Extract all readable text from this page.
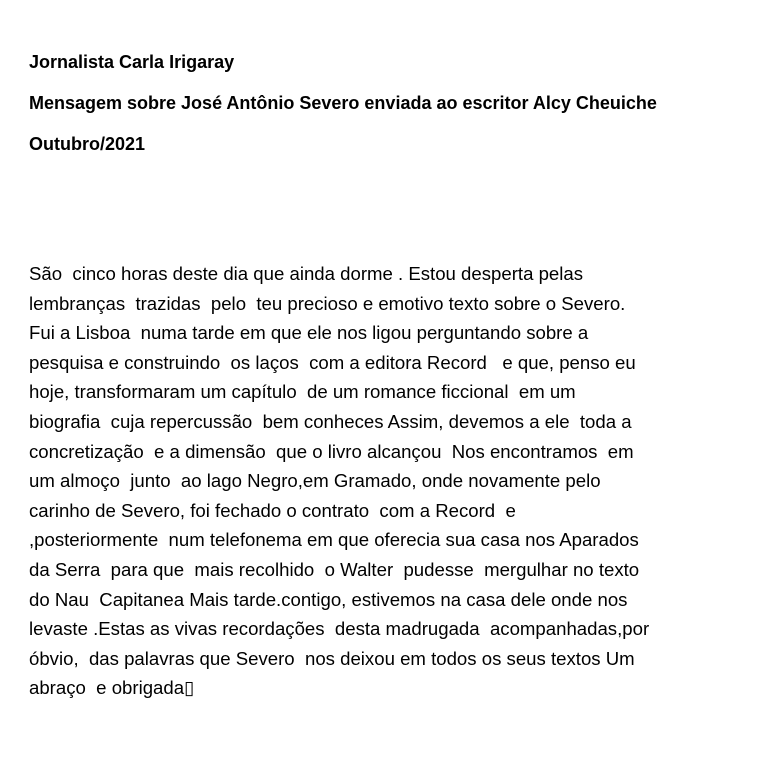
Jornalista Carla Irigaray
Mensagem sobre José Antônio Severo enviada ao escritor Alcy Cheuiche
Outubro/2021
São  cinco horas deste dia que ainda dorme . Estou desperta pelas
lembranças  trazidas  pelo  teu precioso e emotivo texto sobre o Severo.
Fui a Lisboa  numa tarde em que ele nos ligou perguntando sobre a
pesquisa e construindo  os laços  com a editora Record   e que, penso eu
hoje, transformaram um capítulo  de um romance ficcional  em um
biografia  cuja repercussão  bem conheces Assim, devemos a ele  toda a
concretização  e a dimensão  que o livro alcançou  Nos encontramos  em
um almoço  junto  ao lago Negro,em Gramado, onde novamente pelo
carinho de Severo, foi fechado o contrato  com a Record  e
,posteriormente  num telefonema em que oferecia sua casa nos Aparados
da Serra  para que  mais recolhido  o Walter  pudesse  mergulhar no texto
do Nau  Capitanea Mais tarde.contigo, estivemos na casa dele onde nos
levaste .Estas as vivas recordações  desta madrugada  acompanhadas,por
óbvio,  das palavras que Severo  nos deixou em todos os seus textos Um
abraço  e obrigada▯
